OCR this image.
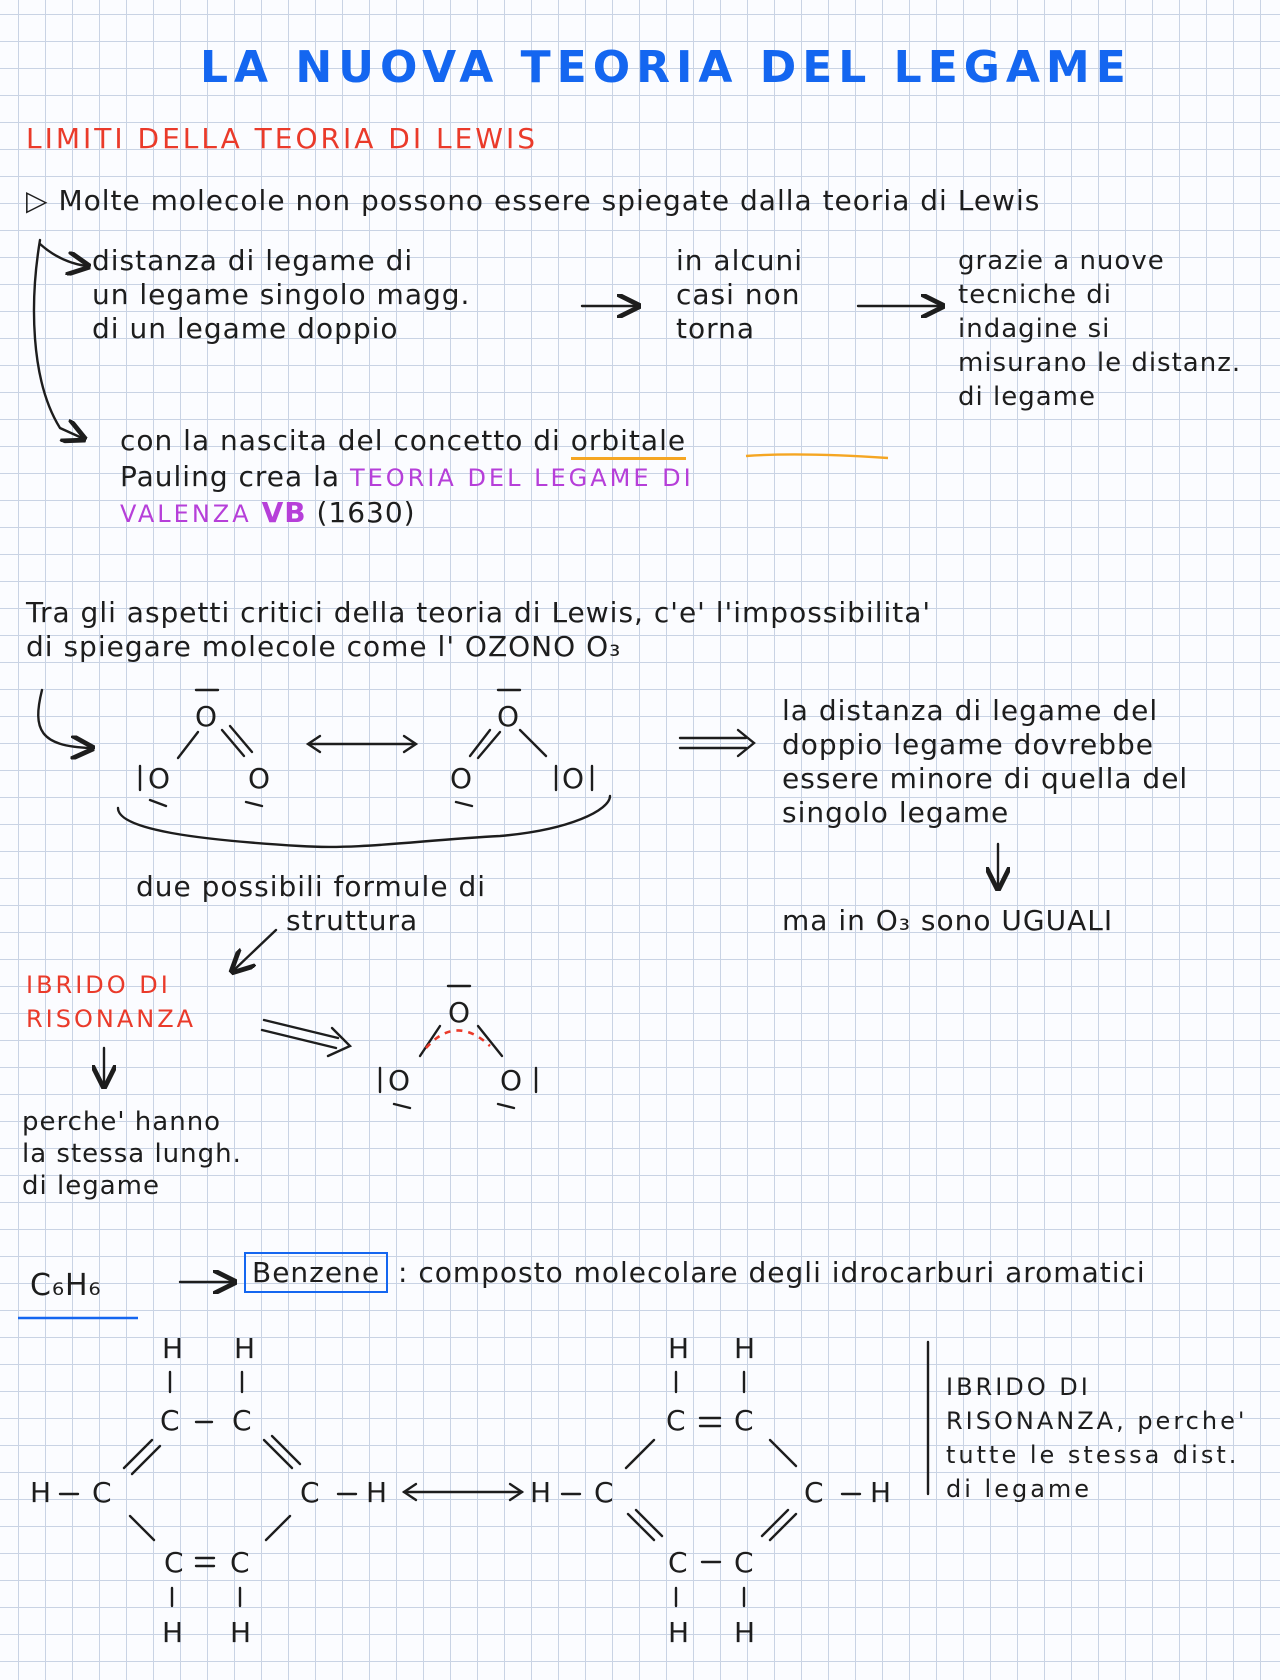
LA NUOVA TEORIA DEL LEGAME
LIMITI DELLA TEORIA DI LEWIS
▷ Molte molecole non possono essere spiegate dalla teoria di Lewis
distanza di legame di
un legame singolo magg.
di un legame doppio
in alcuni
casi non
torna
grazie a nuove
tecniche di
indagine si
misurano le distanz.
di legame
con la nascita del concetto di orbitale
Pauling crea la TEORIA DEL LEGAME DI
VALENZA VB (1630)
Tra gli aspetti critici della teoria di Lewis, c'e' l'impossibilita'
di spiegare molecole come l' OZONO O₃
O
O	O
O
O	O
due possibili formule di
struttura
la distanza di legame del
doppio legame dovrebbe
essere minore di quella del
singolo legame
ma in O₃ sono UGUALI
IBRIDO DI
RISONANZA
perche' hanno
la stessa lungh.
di legame
O
O	O
C₆H₆	Benzene : composto molecolare degli idrocarburi aromatici
IBRIDO DI
RISONANZA, perche'
tutte le stessa dist.
di legame
H H
C C
H C	C H
C C
H H
H H
C C
H C	C H
C C
H H
